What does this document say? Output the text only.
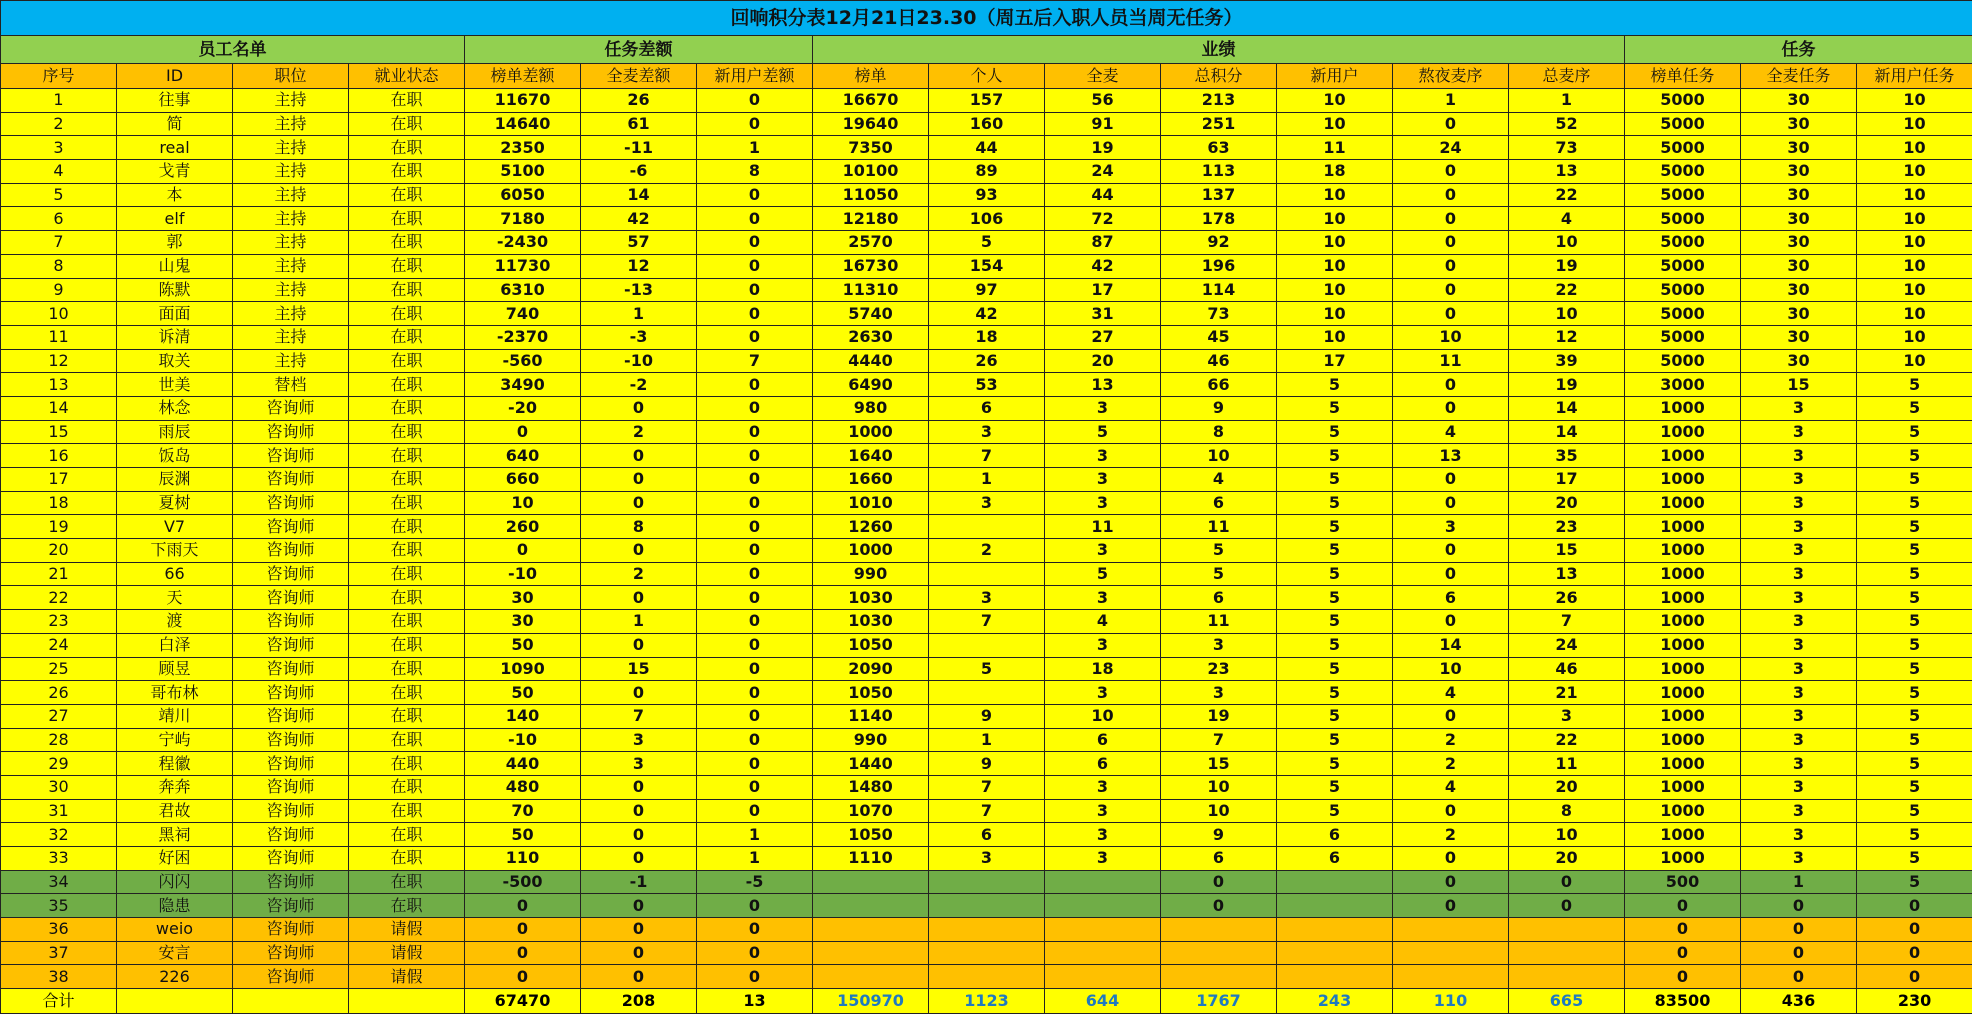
回响积分表12月21日23.30（周五后入职人员当周无任务）																
员工名单				任务差额			业绩							任务		
序号	ID	职位	就业状态	榜单差额	全麦差额	新用户差额	榜单	个人	全麦	总积分	新用户	熬夜麦序	总麦序	榜单任务	全麦任务	新用户任务
1	往事	主持	在职	11670	26	0	16670	157	56	213	10	1	1	5000	30	10
2	简	主持	在职	14640	61	0	19640	160	91	251	10	0	52	5000	30	10
3	real	主持	在职	2350	-11	1	7350	44	19	63	11	24	73	5000	30	10
4	戈青	主持	在职	5100	-6	8	10100	89	24	113	18	0	13	5000	30	10
5	本	主持	在职	6050	14	0	11050	93	44	137	10	0	22	5000	30	10
6	elf	主持	在职	7180	42	0	12180	106	72	178	10	0	4	5000	30	10
7	郭	主持	在职	-2430	57	0	2570	5	87	92	10	0	10	5000	30	10
8	山鬼	主持	在职	11730	12	0	16730	154	42	196	10	0	19	5000	30	10
9	陈默	主持	在职	6310	-13	0	11310	97	17	114	10	0	22	5000	30	10
10	面面	主持	在职	740	1	0	5740	42	31	73	10	0	10	5000	30	10
11	诉清	主持	在职	-2370	-3	0	2630	18	27	45	10	10	12	5000	30	10
12	取关	主持	在职	-560	-10	7	4440	26	20	46	17	11	39	5000	30	10
13	世美	替档	在职	3490	-2	0	6490	53	13	66	5	0	19	3000	15	5
14	林念	咨询师	在职	-20	0	0	980	6	3	9	5	0	14	1000	3	5
15	雨辰	咨询师	在职	0	2	0	1000	3	5	8	5	4	14	1000	3	5
16	饭岛	咨询师	在职	640	0	0	1640	7	3	10	5	13	35	1000	3	5
17	辰渊	咨询师	在职	660	0	0	1660	1	3	4	5	0	17	1000	3	5
18	夏树	咨询师	在职	10	0	0	1010	3	3	6	5	0	20	1000	3	5
19	V7	咨询师	在职	260	8	0	1260		11	11	5	3	23	1000	3	5
20	下雨天	咨询师	在职	0	0	0	1000	2	3	5	5	0	15	1000	3	5
21	66	咨询师	在职	-10	2	0	990		5	5	5	0	13	1000	3	5
22	天	咨询师	在职	30	0	0	1030	3	3	6	5	6	26	1000	3	5
23	渡	咨询师	在职	30	1	0	1030	7	4	11	5	0	7	1000	3	5
24	白泽	咨询师	在职	50	0	0	1050		3	3	5	14	24	1000	3	5
25	顾昱	咨询师	在职	1090	15	0	2090	5	18	23	5	10	46	1000	3	5
26	哥布林	咨询师	在职	50	0	0	1050		3	3	5	4	21	1000	3	5
27	靖川	咨询师	在职	140	7	0	1140	9	10	19	5	0	3	1000	3	5
28	宁屿	咨询师	在职	-10	3	0	990	1	6	7	5	2	22	1000	3	5
29	程徽	咨询师	在职	440	3	0	1440	9	6	15	5	2	11	1000	3	5
30	奔奔	咨询师	在职	480	0	0	1480	7	3	10	5	4	20	1000	3	5
31	君故	咨询师	在职	70	0	0	1070	7	3	10	5	0	8	1000	3	5
32	黑祠	咨询师	在职	50	0	1	1050	6	3	9	6	2	10	1000	3	5
33	好困	咨询师	在职	110	0	1	1110	3	3	6	6	0	20	1000	3	5
34	闪闪	咨询师	在职	-500	-1	-5				0		0	0	500	1	5
35	隐患	咨询师	在职	0	0	0				0		0	0	0	0	0
36	weio	咨询师	请假	0	0	0								0	0	0
37	安言	咨询师	请假	0	0	0								0	0	0
38	226	咨询师	请假	0	0	0								0	0	0
合计				67470	208	13	150970	1123	644	1767	243	110	665	83500	436	230
